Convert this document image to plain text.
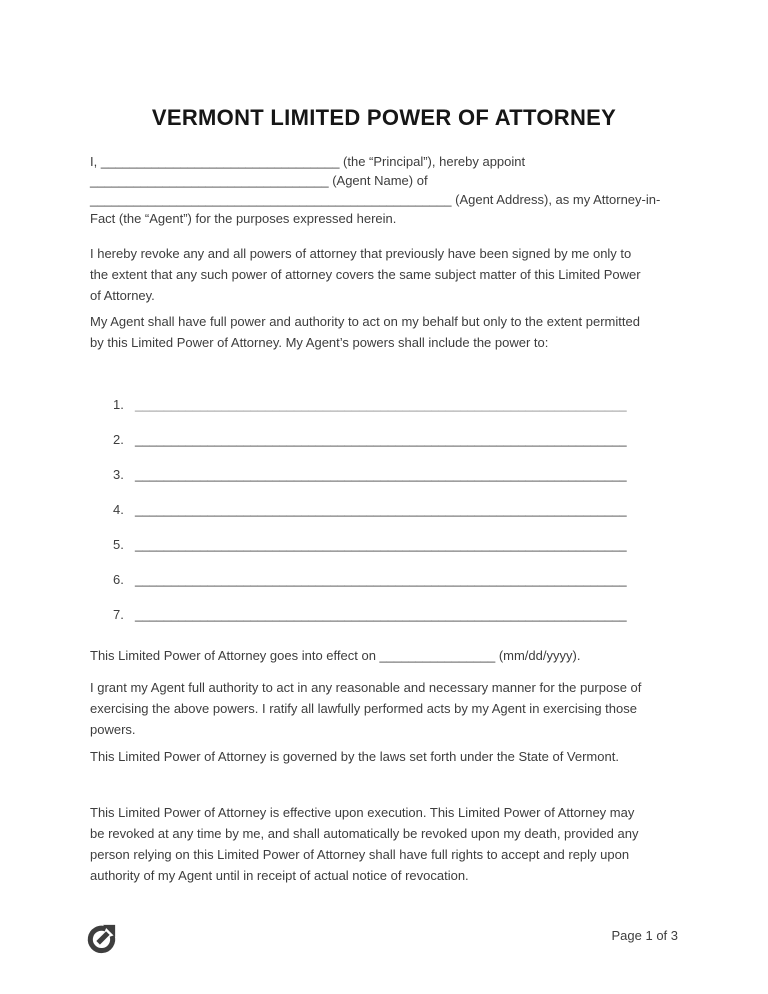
VERMONT LIMITED POWER OF ATTORNEY
I, _________________________________ (the “Principal”), hereby appoint
_________________________________ (Agent Name) of
__________________________________________________ (Agent Address), as my Attorney-in-
Fact (the “Agent”) for the purposes expressed herein.
I hereby revoke any and all powers of attorney that previously have been signed by me only to
the extent that any such power of attorney covers the same subject matter of this Limited Power
of Attorney.
My Agent shall have full power and authority to act on my behalf but only to the extent permitted
by this Limited Power of Attorney. My Agent’s powers shall include the power to:
1. ____________________________________________________________________
2. ____________________________________________________________________
3. ____________________________________________________________________
4. ____________________________________________________________________
5. ____________________________________________________________________
6. ____________________________________________________________________
7. ____________________________________________________________________
This Limited Power of Attorney goes into effect on ________________ (mm/dd/yyyy).
I grant my Agent full authority to act in any reasonable and necessary manner for the purpose of
exercising the above powers. I ratify all lawfully performed acts by my Agent in exercising those
powers.
This Limited Power of Attorney is governed by the laws set forth under the State of Vermont.
This Limited Power of Attorney is effective upon execution. This Limited Power of Attorney may
be revoked at any time by me, and shall automatically be revoked upon my death, provided any
person relying on this Limited Power of Attorney shall have full rights to accept and reply upon
authority of my Agent until in receipt of actual notice of revocation.
Page 1 of 3
